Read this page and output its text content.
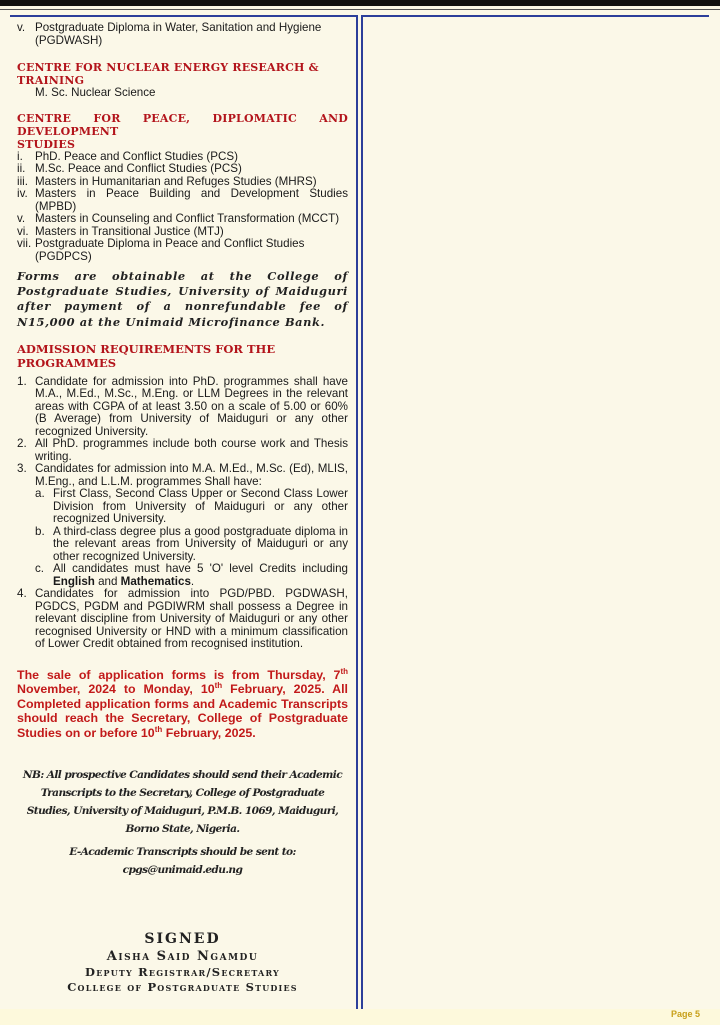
v. Postgraduate Diploma in Water, Sanitation and Hygiene
(PGDWASH)
CENTRE FOR NUCLEAR ENERGY RESEARCH & TRAINING
M. Sc. Nuclear Science
CENTRE FOR PEACE, DIPLOMATIC AND DEVELOPMENT
STUDIES
i.	PhD. Peace and Conflict Studies (PCS)
ii. M.Sc. Peace and Conflict Studies (PCS)
iii. Masters in Humanitarian and Refuges Studies (MHRS)
iv. Masters in Peace Building and Development Studies (MPBD)
v. Masters in Counseling and Conflict Transformation (MCCT)
vi. Masters in Transitional Justice (MTJ)
vii. Postgraduate Diploma in Peace and Conflict Studies (PGDPCS)
Forms are obtainable at the College of Postgraduate Studies, University of Maiduguri after payment of a nonrefundable fee of N15,000 at the Unimaid Microfinance Bank.
ADMISSION REQUIREMENTS FOR THE PROGRAMMES
1. Candidate for admission into PhD. programmes shall have M.A., M.Ed., M.Sc., M.Eng. or LLM Degrees in the relevant areas with CGPA of at least 3.50 on a scale of 5.00 or 60% (B Average) from University of Maiduguri or any other recognized University.
2. All PhD. programmes include both course work and Thesis writing.
3. Candidates for admission into M.A. M.Ed., M.Sc. (Ed), MLIS, M.Eng., and L.L.M. programmes Shall have:
a. First Class, Second Class Upper or Second Class Lower Division from University of Maiduguri or any other recognized University.
b. A third-class degree plus a good postgraduate diploma in the relevant areas from University of Maiduguri or any other recognized University.
c. All candidates must have 5 'O' level Credits including English and Mathematics.
4. Candidates for admission into PGD/PBD. PGDWASH, PGDCS, PGDM and PGDIWRM shall possess a Degree in relevant discipline from University of Maiduguri or any other recognised University or HND with a minimum classification of Lower Credit obtained from recognised institution.
The sale of application forms is from Thursday, 7th November, 2024 to Monday, 10th February, 2025. All Completed application forms and Academic Transcripts should reach the Secretary, College of Postgraduate Studies on or before 10th February, 2025.
NB: All prospective Candidates should send their Academic Transcripts to the Secretary, College of Postgraduate Studies, University of Maiduguri, P.M.B. 1069, Maiduguri, Borno State, Nigeria.
E-Academic Transcripts should be sent to:
cpgs@unimaid.edu.ng
SIGNED
Aisha Said Ngamdu
Deputy Registrar/Secretary
College of Postgraduate Studies
Page 5
